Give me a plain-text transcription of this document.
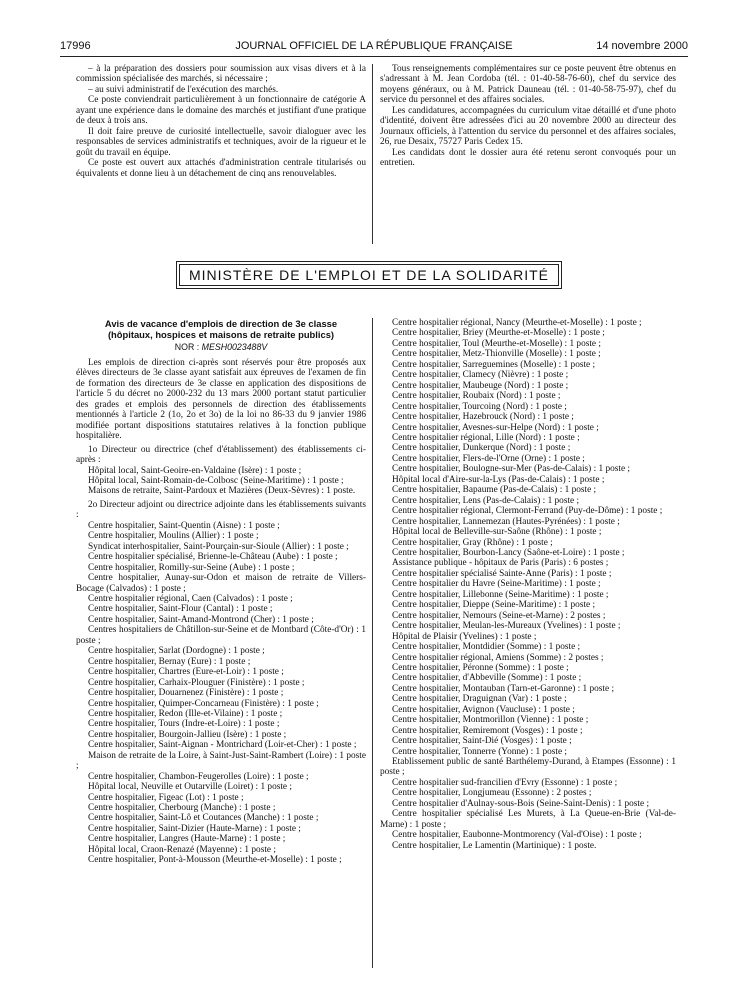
17996	JOURNAL OFFICIEL DE LA RÉPUBLIQUE FRANÇAISE	14 novembre 2000

– à la préparation des dossiers pour soumission aux visas divers et à la commission spécialisée des marchés, si nécessaire ;

– au suivi administratif de l'exécution des marchés.

Ce poste conviendrait particulièrement à un fonctionnaire de catégorie A ayant une expérience dans le domaine des marchés et justifiant d'une pratique de deux à trois ans.

Il doit faire preuve de curiosité intellectuelle, savoir dialoguer avec les responsables de services administratifs et techniques, avoir de la rigueur et le goût du travail en équipe.

Ce poste est ouvert aux attachés d'administration centrale titularisés ou équivalents et donne lieu à un détachement de cinq ans renouvelables.

Tous renseignements complémentaires sur ce poste peuvent être obtenus en s'adressant à M. Jean Cordoba (tél. : 01-40-58-76-60), chef du service des moyens généraux, ou à M. Patrick Dauneau (tél. : 01-40-58-75-97), chef du service du personnel et des affaires sociales.

Les candidatures, accompagnées du curriculum vitae détaillé et d'une photo d'identité, doivent être adressées d'ici au 20 novembre 2000 au directeur des Journaux officiels, à l'attention du service du personnel et des affaires sociales, 26, rue Desaix, 75727 Paris Cedex 15.

Les candidats dont le dossier aura été retenu seront convoqués pour un entretien.

MINISTÈRE DE L'EMPLOI ET DE LA SOLIDARITÉ
Avis de vacance d'emplois de direction de 3e classe
(hôpitaux, hospices et maisons de retraite publics)
NOR : MESH0023488V

Les emplois de direction ci-après sont réservés pour être proposés aux élèves directeurs de 3e classe ayant satisfait aux épreuves de l'examen de fin de formation des directeurs de 3e classe en application des dispositions de l'article 5 du décret no 2000-232 du 13 mars 2000 portant statut particulier des grades et emplois des personnels de direction des établissements mentionnés à l'article 2 (1o, 2o et 3o) de la loi no 86-33 du 9 janvier 1986 modifiée portant dispositions statutaires relatives à la fonction publique hospitalière.

1o Directeur ou directrice (chef d'établissement) des établissements ci-après :

Hôpital local, Saint-Geoire-en-Valdaine (Isère) : 1 poste ;

Hôpital local, Saint-Romain-de-Colbosc (Seine-Maritime) : 1 poste ;

Maisons de retraite, Saint-Pardoux et Mazières (Deux-Sèvres) : 1 poste.

2o Directeur adjoint ou directrice adjointe dans les établissements suivants :

Centre hospitalier, Saint-Quentin (Aisne) : 1 poste ;

Centre hospitalier, Moulins (Allier) : 1 poste ;

Syndicat interhospitalier, Saint-Pourçain-sur-Sioule (Allier) : 1 poste ;

Centre hospitalier spécialisé, Brienne-le-Château (Aube) : 1 poste ;

Centre hospitalier, Romilly-sur-Seine (Aube) : 1 poste ;

Centre hospitalier, Aunay-sur-Odon et maison de retraite de Villers-Bocage (Calvados) : 1 poste ;

Centre hospitalier régional, Caen (Calvados) : 1 poste ;

Centre hospitalier, Saint-Flour (Cantal) : 1 poste ;

Centre hospitalier, Saint-Amand-Montrond (Cher) : 1 poste ;

Centres hospitaliers de Châtillon-sur-Seine et de Montbard (Côte-d'Or) : 1 poste ;

Centre hospitalier, Sarlat (Dordogne) : 1 poste ;

Centre hospitalier, Bernay (Eure) : 1 poste ;

Centre hospitalier, Chartres (Eure-et-Loir) : 1 poste ;

Centre hospitalier, Carhaix-Plouguer (Finistère) : 1 poste ;

Centre hospitalier, Douarnenez (Finistère) : 1 poste ;

Centre hospitalier, Quimper-Concarneau (Finistère) : 1 poste ;

Centre hospitalier, Redon (Ille-et-Vilaine) : 1 poste ;

Centre hospitalier, Tours (Indre-et-Loire) : 1 poste ;

Centre hospitalier, Bourgoin-Jallieu (Isère) : 1 poste ;

Centre hospitalier, Saint-Aignan - Montrichard (Loir-et-Cher) : 1 poste ;

Maison de retraite de la Loire, à Saint-Just-Saint-Rambert (Loire) : 1 poste ;

Centre hospitalier, Chambon-Feugerolles (Loire) : 1 poste ;

Hôpital local, Neuville et Outarville (Loiret) : 1 poste ;

Centre hospitalier, Figeac (Lot) : 1 poste ;

Centre hospitalier, Cherbourg (Manche) : 1 poste ;

Centre hospitalier, Saint-Lô et Coutances (Manche) : 1 poste ;

Centre hospitalier, Saint-Dizier (Haute-Marne) : 1 poste ;

Centre hospitalier, Langres (Haute-Marne) : 1 poste ;

Hôpital local, Craon-Renazé (Mayenne) : 1 poste ;

Centre hospitalier, Pont-à-Mousson (Meurthe-et-Moselle) : 1 poste ;

Centre hospitalier régional, Nancy (Meurthe-et-Moselle) : 1 poste ;

Centre hospitalier, Briey (Meurthe-et-Moselle) : 1 poste ;

Centre hospitalier, Toul (Meurthe-et-Moselle) : 1 poste ;

Centre hospitalier, Metz-Thionville (Moselle) : 1 poste ;

Centre hospitalier, Sarreguemines (Moselle) : 1 poste ;

Centre hospitalier, Clamecy (Nièvre) : 1 poste ;

Centre hospitalier, Maubeuge (Nord) : 1 poste ;

Centre hospitalier, Roubaix (Nord) : 1 poste ;

Centre hospitalier, Tourcoing (Nord) : 1 poste ;

Centre hospitalier, Hazebrouck (Nord) : 1 poste ;

Centre hospitalier, Avesnes-sur-Helpe (Nord) : 1 poste ;

Centre hospitalier régional, Lille (Nord) : 1 poste ;

Centre hospitalier, Dunkerque (Nord) : 1 poste ;

Centre hospitalier, Flers-de-l'Orne (Orne) : 1 poste ;

Centre hospitalier, Boulogne-sur-Mer (Pas-de-Calais) : 1 poste ;

Hôpital local d'Aire-sur-la-Lys (Pas-de-Calais) : 1 poste ;

Centre hospitalier, Bapaume (Pas-de-Calais) : 1 poste ;

Centre hospitalier, Lens (Pas-de-Calais) : 1 poste ;

Centre hospitalier régional, Clermont-Ferrand (Puy-de-Dôme) : 1 poste ;

Centre hospitalier, Lannemezan (Hautes-Pyrénées) : 1 poste ;

Hôpital local de Belleville-sur-Saône (Rhône) : 1 poste ;

Centre hospitalier, Gray (Rhône) : 1 poste ;

Centre hospitalier, Bourbon-Lancy (Saône-et-Loire) : 1 poste ;

Assistance publique - hôpitaux de Paris (Paris) : 6 postes ;

Centre hospitalier spécialisé Sainte-Anne (Paris) : 1 poste ;

Centre hospitalier du Havre (Seine-Maritime) : 1 poste ;

Centre hospitalier, Lillebonne (Seine-Maritime) : 1 poste ;

Centre hospitalier, Dieppe (Seine-Maritime) : 1 poste ;

Centre hospitalier, Nemours (Seine-et-Marne) : 2 postes ;

Centre hospitalier, Meulan-les-Mureaux (Yvelines) : 1 poste ;

Hôpital de Plaisir (Yvelines) : 1 poste ;

Centre hospitalier, Montdidier (Somme) : 1 poste ;

Centre hospitalier régional, Amiens (Somme) : 2 postes ;

Centre hospitalier, Péronne (Somme) : 1 poste ;

Centre hospitalier, d'Abbeville (Somme) : 1 poste ;

Centre hospitalier, Montauban (Tarn-et-Garonne) : 1 poste ;

Centre hospitalier, Draguignan (Var) : 1 poste ;

Centre hospitalier, Avignon (Vaucluse) : 1 poste ;

Centre hospitalier, Montmorillon (Vienne) : 1 poste ;

Centre hospitalier, Remiremont (Vosges) : 1 poste ;

Centre hospitalier, Saint-Dié (Vosges) : 1 poste ;

Centre hospitalier, Tonnerre (Yonne) : 1 poste ;

Etablissement public de santé Barthélemy-Durand, à Etampes (Essonne) : 1 poste ;

Centre hospitalier sud-francilien d'Evry (Essonne) : 1 poste ;

Centre hospitalier, Longjumeau (Essonne) : 2 postes ;

Centre hospitalier d'Aulnay-sous-Bois (Seine-Saint-Denis) : 1 poste ;

Centre hospitalier spécialisé Les Murets, à La Queue-en-Brie (Val-de-Marne) : 1 poste ;

Centre hospitalier, Eaubonne-Montmorency (Val-d'Oise) : 1 poste ;

Centre hospitalier, Le Lamentin (Martinique) : 1 poste.
